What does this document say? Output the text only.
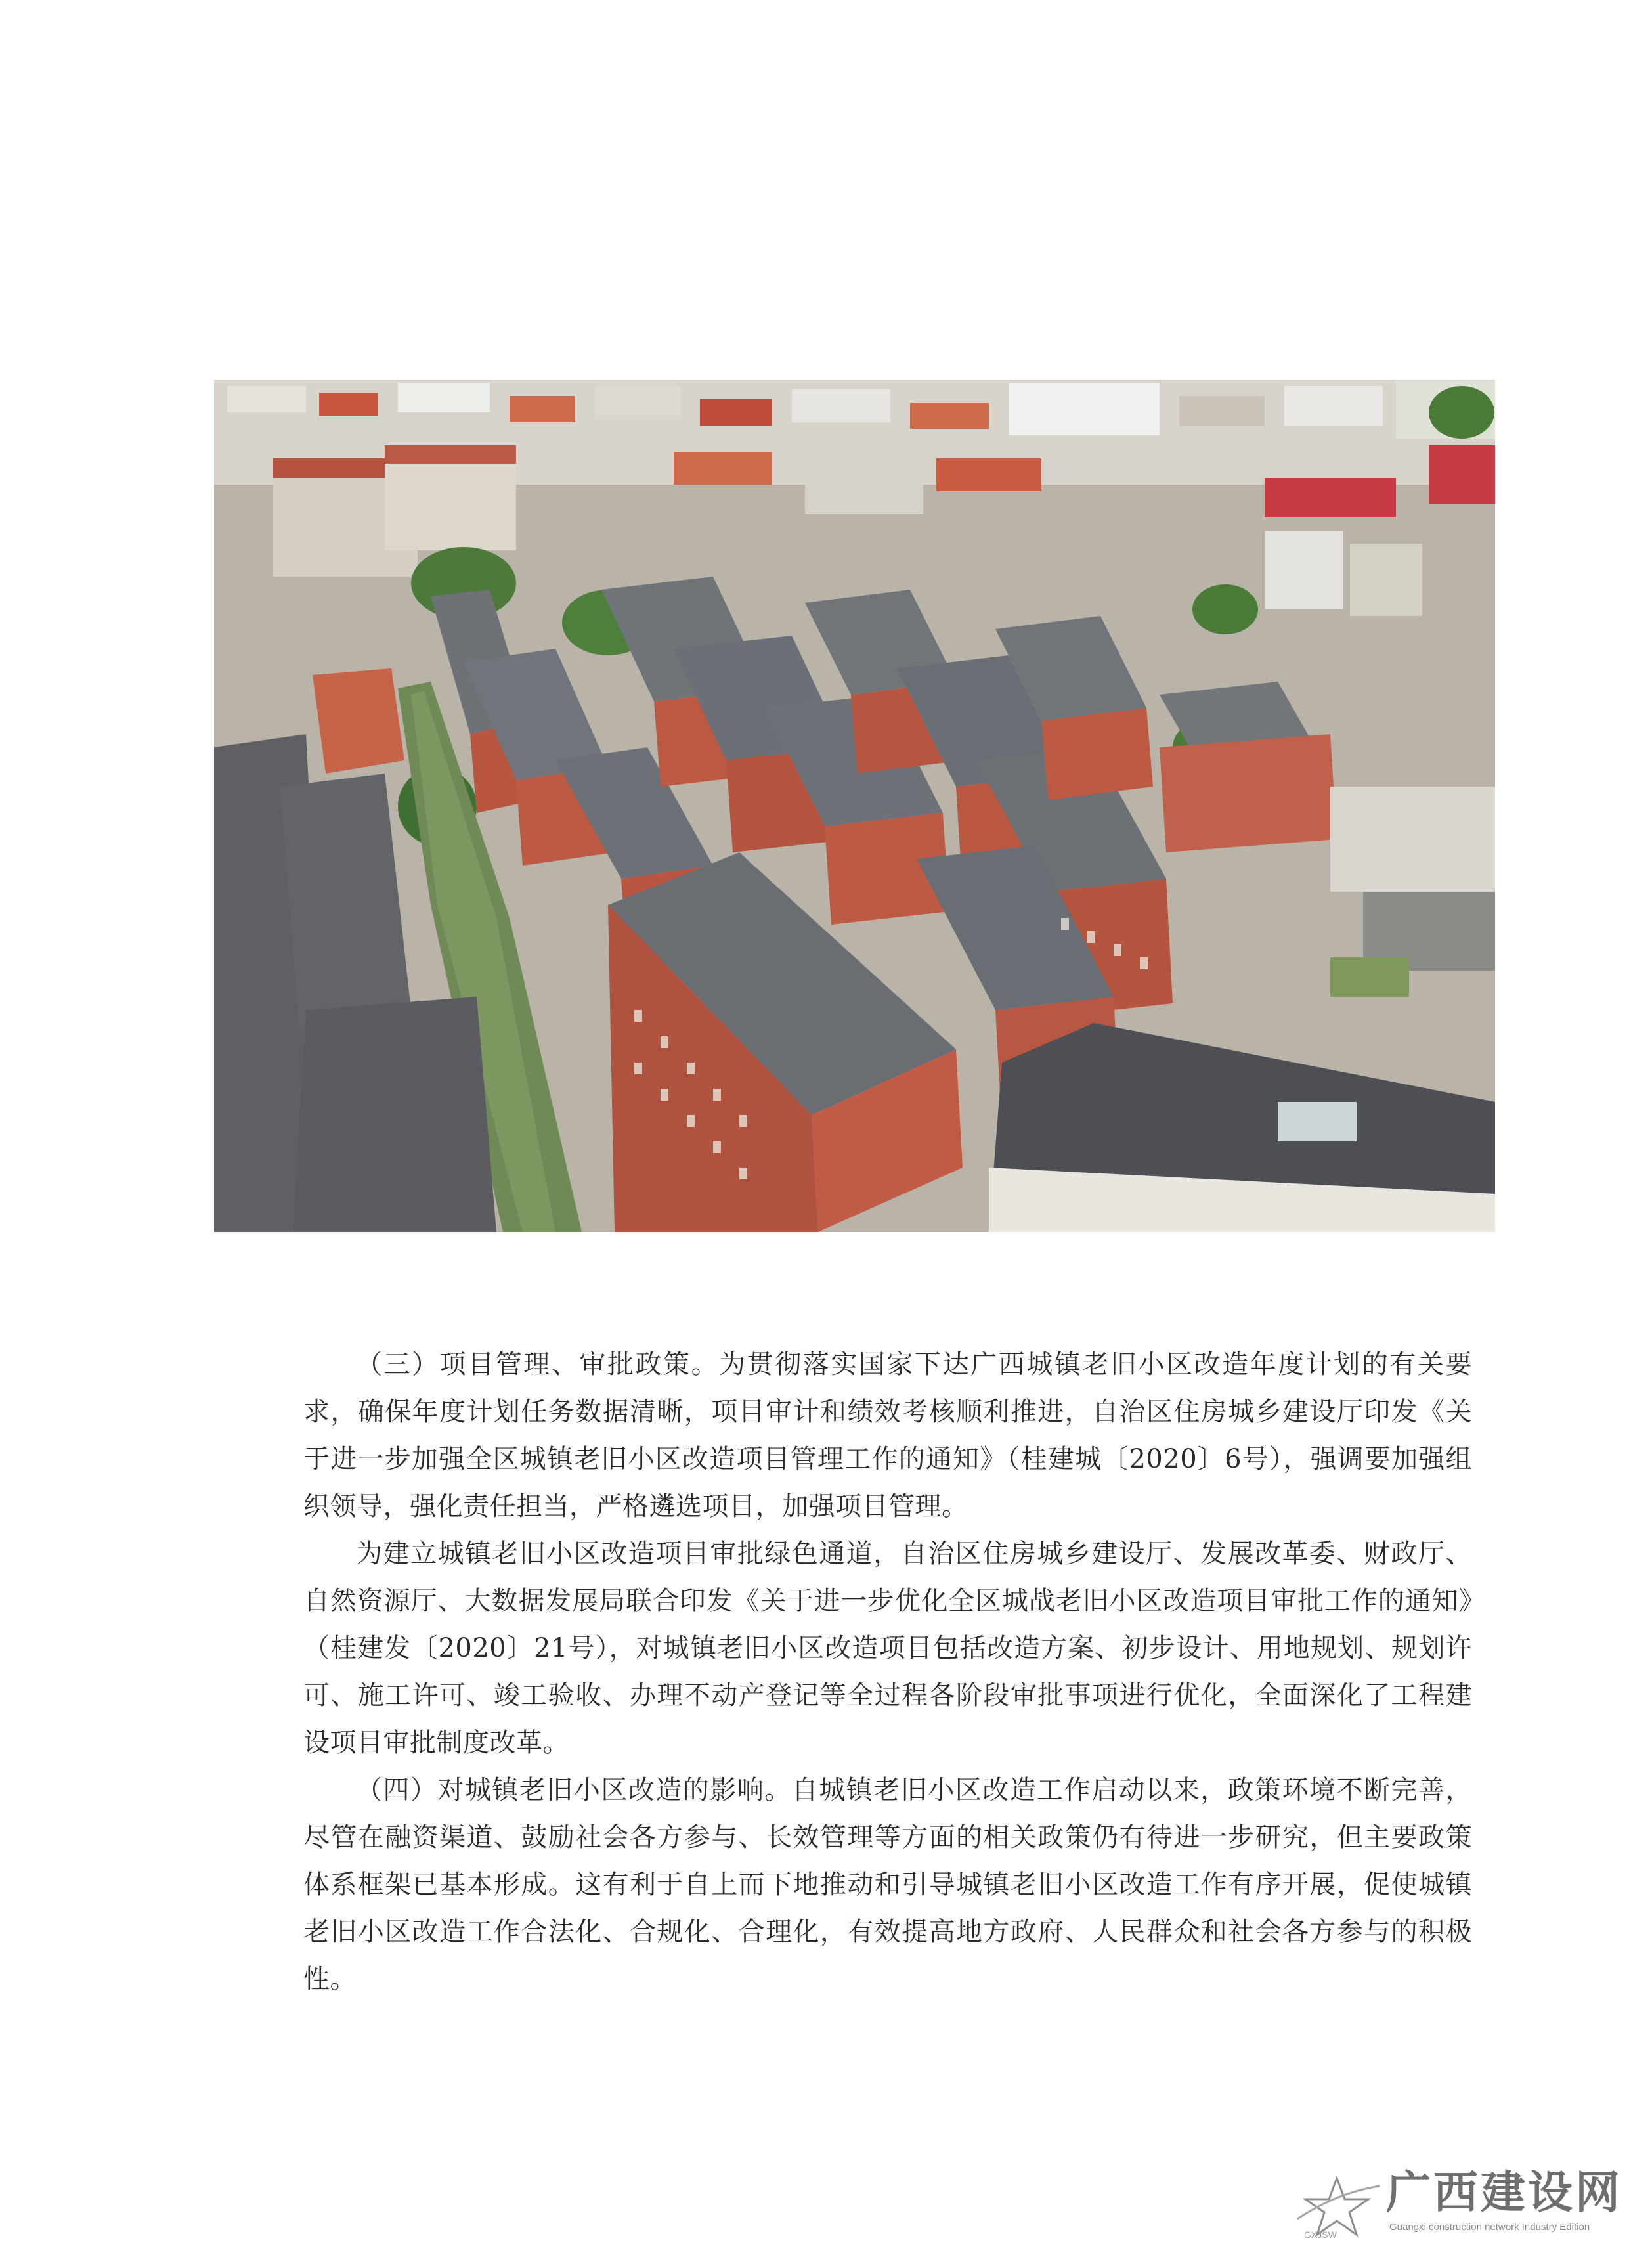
（三）项目管理、审批政策。为贯彻落实国家下达广西城镇老旧小区改造年度计划的有关要求，确保年度计划任务数据清晰，项目审计和绩效考核顺利推进，自治区住房城乡建设厅印发《关于进一步加强全区城镇老旧小区改造项目管理工作的通知》（桂建城〔2020〕6号），强调要加强组织领导，强化责任担当，严格遴选项目，加强项目管理。

为建立城镇老旧小区改造项目审批绿色通道，自治区住房城乡建设厅、发展改革委、财政厅、自然资源厅、大数据发展局联合印发《关于进一步优化全区城战老旧小区改造项目审批工作的通知》（桂建发〔2020〕21号），对城镇老旧小区改造项目包括改造方案、初步设计、用地规划、规划许可、施工许可、竣工验收、办理不动产登记等全过程各阶段审批事项进行优化，全面深化了工程建设项目审批制度改革。

（四）对城镇老旧小区改造的影响。自城镇老旧小区改造工作启动以来，政策环境不断完善，尽管在融资渠道、鼓励社会各方参与、长效管理等方面的相关政策仍有待进一步研究，但主要政策体系框架已基本形成。这有利于自上而下地推动和引导城镇老旧小区改造工作有序开展，促使城镇老旧小区改造工作合法化、合规化、合理化，有效提高地方政府、人民群众和社会各方参与的积极性。

GXJSW
广西建设网
Guangxi construction network Industry Edition
